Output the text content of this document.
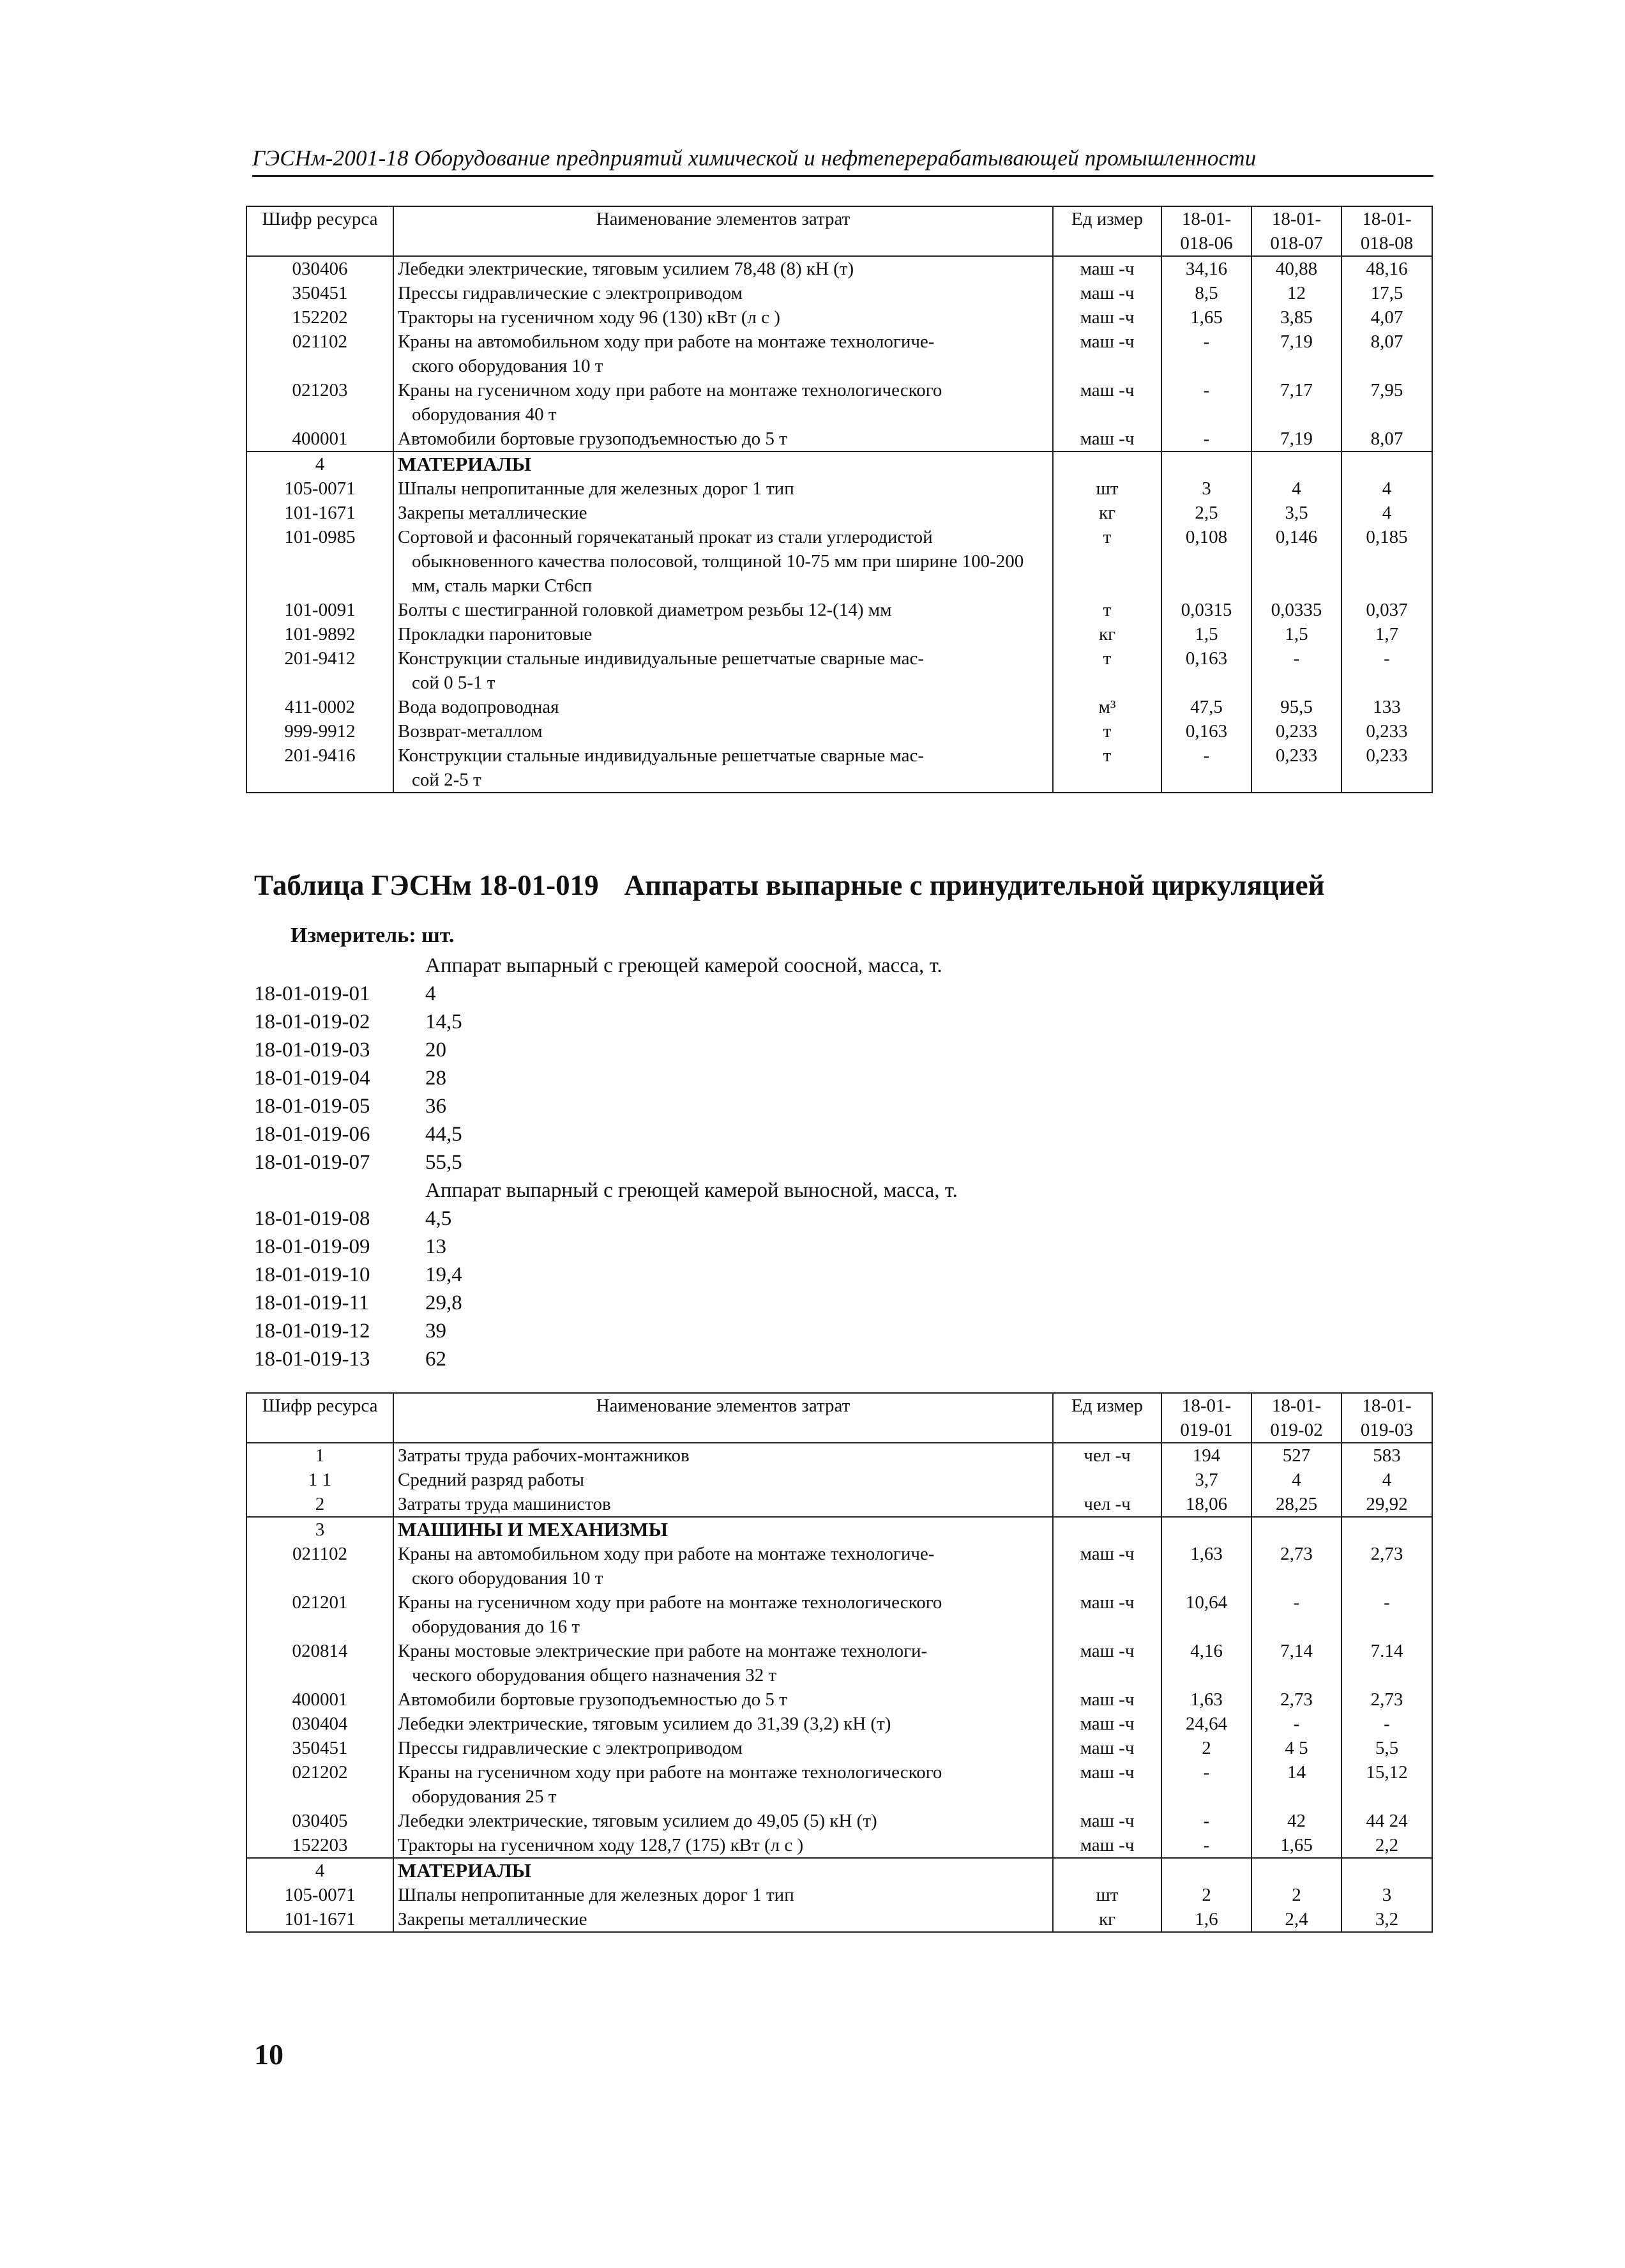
ГЭСНм-2001-18 Оборудование предприятий химической и нефтеперерабатывающей промышленности
Шифр ресурса	Наименование элементов затрат	Ед измер	18-01-018-06	18-01-018-07	18-01-018-08
030406	Лебедки электрические, тяговым усилием 78,48 (8) кН (т)	маш -ч	34,16	40,88	48,16
350451	Прессы гидравлические с электроприводом	маш -ч	8,5	12	17,5
152202	Тракторы на гусеничном ходу 96 (130) кВт (л с )	маш -ч	1,65	3,85	4,07
021102	Краны на автомобильном ходу при работе на монтаже технологиче-
ского оборудования 10 т	маш -ч	-	7,19	8,07
021203	Краны на гусеничном ходу при работе на монтаже технологического
оборудования 40 т	маш -ч	-	7,17	7,95
400001	Автомобили бортовые грузоподъемностью до 5 т	маш -ч	-	7,19	8,07
4	МАТЕРИАЛЫ				
105-0071	Шпалы непропитанные для железных дорог 1 тип	шт	3	4	4
101-1671	Закрепы металлические	кг	2,5	3,5	4
101-0985	Сортовой и фасонный горячекатаный прокат из стали углеродистой
обыкновенного качества полосовой, толщиной 10-75 мм при ширине 100-200 мм, сталь марки Ст6сп	т	0,108	0,146	0,185
101-0091	Болты с шестигранной головкой диаметром резьбы 12-(14) мм	т	0,0315	0,0335	0,037
101-9892	Прокладки паронитовые	кг	1,5	1,5	1,7
201-9412	Конструкции стальные индивидуальные решетчатые сварные мас-
сой 0 5-1 т	т	0,163	-	-
411-0002	Вода водопроводная	м³	47,5	95,5	133
999-9912	Возврат-металлом	т	0,163	0,233	0,233
201-9416	Конструкции стальные индивидуальные решетчатые сварные мас-
сой 2-5 т	т	-	0,233	0,233
Таблица ГЭСНм 18-01-019 Аппараты выпарные с принудительной циркуляцией
Измеритель: шт.
Аппарат выпарный с греющей камерой соосной, масса, т.
18-01-019-01	4
18-01-019-02	14,5
18-01-019-03	20
18-01-019-04	28
18-01-019-05	36
18-01-019-06	44,5
18-01-019-07	55,5
Аппарат выпарный с греющей камерой выносной, масса, т.
18-01-019-08	4,5
18-01-019-09	13
18-01-019-10	19,4
18-01-019-11	29,8
18-01-019-12	39
18-01-019-13	62
Шифр ресурса	Наименование элементов затрат	Ед измер	18-01-019-01	18-01-019-02	18-01-019-03
1	Затраты труда рабочих-монтажников	чел -ч	194	527	583
1 1	Средний разряд работы		3,7	4	4
2	Затраты труда машинистов	чел -ч	18,06	28,25	29,92
3	МАШИНЫ И МЕХАНИЗМЫ				
021102	Краны на автомобильном ходу при работе на монтаже технологиче-
ского оборудования 10 т	маш -ч	1,63	2,73	2,73
021201	Краны на гусеничном ходу при работе на монтаже технологического
оборудования до 16 т	маш -ч	10,64	-	-
020814	Краны мостовые электрические при работе на монтаже технологи-
ческого оборудования общего назначения 32 т	маш -ч	4,16	7,14	7.14
400001	Автомобили бортовые грузоподъемностью до 5 т	маш -ч	1,63	2,73	2,73
030404	Лебедки электрические, тяговым усилием до 31,39 (3,2) кН (т)	маш -ч	24,64	-	-
350451	Прессы гидравлические с электроприводом	маш -ч	2	4 5	5,5
021202	Краны на гусеничном ходу при работе на монтаже технологического
оборудования 25 т	маш -ч	-	14	15,12
030405	Лебедки электрические, тяговым усилием до 49,05 (5) кН (т)	маш -ч	-	42	44 24
152203	Тракторы на гусеничном ходу 128,7 (175) кВт (л с )	маш -ч	-	1,65	2,2
4	МАТЕРИАЛЫ				
105-0071	Шпалы непропитанные для железных дорог 1 тип	шт	2	2	3
101-1671	Закрепы металлические	кг	1,6	2,4	3,2
10
